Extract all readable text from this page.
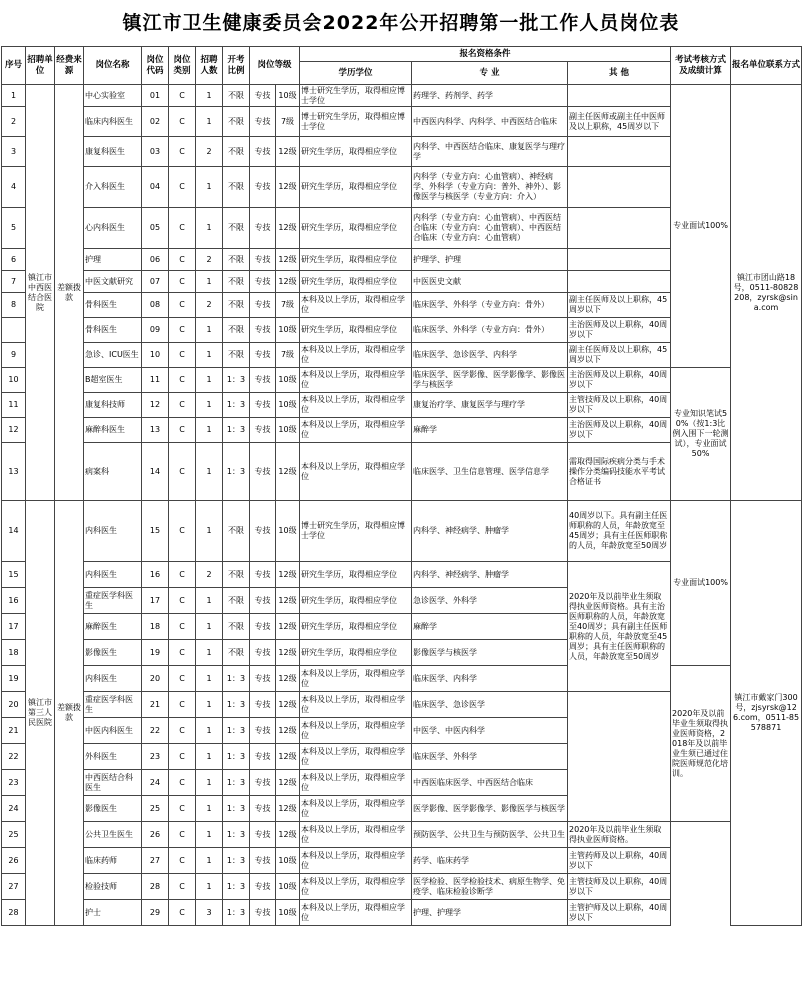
镇江市卫生健康委员会2022年公开招聘第一批工作人员岗位表
序号	招聘单位	经费来源	岗位名称	岗位代码	岗位类别	招聘人数	开考比例	岗位等级		报名资格条件			考试考核方式及成绩计算	报名单位联系方式	
										学历学位	专 业	其 他			
1	镇江市中西医结合医院	差额拨款	中心实验室	01	C	1	不限	专技	10级	博士研究生学历，取得相应博士学位	药理学、药剂学、药学		专业面试100%	镇江市团山路18号，0511-80828208，zyrsk@sina.com	
2			临床内科医生	02	C	1	不限	专技	7级	博士研究生学历，取得相应博士学位	中西医内科学、内科学、中西医结合临床	副主任医师或副主任中医师及以上职称，45周岁以下			
3			康复科医生	03	C	2	不限	专技	12级	研究生学历，取得相应学位	内科学、中西医结合临床、康复医学与理疗学				
4			介入科医生	04	C	1	不限	专技	12级	研究生学历，取得相应学位	内科学（专业方向：心血管病）、神经病学、外科学（专业方向：普外、神外）、影像医学与核医学（专业方向：介入）				
5			心内科医生	05	C	1	不限	专技	12级	研究生学历，取得相应学位	内科学（专业方向：心血管病）、中西医结合临床（专业方向：心血管病）、中西医结合临床（专业方向：心血管病）				
6			护理	06	C	2	不限	专技	12级	研究生学历，取得相应学位	护理学、护理				
7			中医文献研究	07	C	1	不限	专技	12级	研究生学历，取得相应学位	中医医史文献				
8			骨科医生	08	C	2	不限	专技	7级	本科及以上学历，取得相应学位	临床医学、外科学（专业方向：骨外）	副主任医师及以上职称，45周岁以下			
			骨科医生	09	C	1	不限	专技	10级	研究生学历，取得相应学位	临床医学、外科学（专业方向：骨外）	主治医师及以上职称，40周岁以下			
9			急诊、ICU医生	10	C	1	不限	专技	7级	本科及以上学历，取得相应学位	临床医学、急诊医学、内科学	副主任医师及以上职称，45周岁以下			
10			B超室医生	11	C	1	1：3	专技	10级	本科及以上学历，取得相应学位	临床医学、医学影像、医学影像学、影像医学与核医学	主治医师及以上职称，40周岁以下	专业知识笔试50%（按1:3比例入围下一轮测试），专业面试50%		
11			康复科技师	12	C	1	1：3	专技	10级	本科及以上学历，取得相应学位	康复治疗学、康复医学与理疗学	主管技师及以上职称，40周岁以下			
12			麻醉科医生	13	C	1	1：3	专技	10级	本科及以上学历，取得相应学位	麻醉学	主治医师及以上职称，40周岁以下			
13			病案科	14	C	1	1：3	专技	12级	本科及以上学历，取得相应学位	临床医学、卫生信息管理、医学信息学	需取得国际疾病分类与手术操作分类编码技能水平考试合格证书			
14	镇江市第三人民医院	差额拨款	内科医生	15	C	1	不限	专技	10级	博士研究生学历，取得相应博士学位	内科学、神经病学、肿瘤学	40周岁以下。具有副主任医师职称的人员，年龄放宽至45周岁；具有主任医师职称的人员，年龄放宽至50周岁	专业面试100%	镇江市戴家门300号，zjsyrsk@126.com，0511-85578871	
15			内科医生	16	C	2	不限	专技	12级	研究生学历，取得相应学位	内科学、神经病学、肿瘤学	2020年及以前毕业生须取得执业医师资格。具有主治医师职称的人员，年龄放宽至40周岁；具有副主任医师职称的人员，年龄放宽至45周岁；具有主任医师职称的人员，年龄放宽至50周岁			
16			重症医学科医生	17	C	1	不限	专技	12级	研究生学历，取得相应学位	急诊医学、外科学				
17			麻醉医生	18	C	1	不限	专技	12级	研究生学历，取得相应学位	麻醉学				
18			影像医生	19	C	1	不限	专技	12级	研究生学历，取得相应学位	影像医学与核医学				
19			内科医生	20	C	1	1：3	专技	12级	本科及以上学历，取得相应学位	临床医学、内科学		2020年及以前毕业生须取得执业医师资格，2018年及以前毕业生须已通过住院医师规范化培训。	
20			重症医学科医生	21	C	1	1：3	专技	12级	本科及以上学历，取得相应学位	临床医学、急诊医学				
21			中医内科医生	22	C	1	1：3	专技	12级	本科及以上学历，取得相应学位	中医学、中医内科学				
22			外科医生	23	C	1	1：3	专技	12级	本科及以上学历，取得相应学位	临床医学、外科学				
23			中西医结合科医生	24	C	1	1：3	专技	12级	本科及以上学历，取得相应学位	中西医临床医学、中西医结合临床				
24			影像医生	25	C	1	1：3	专技	12级	本科及以上学历，取得相应学位	医学影像、医学影像学、影像医学与核医学				
25			公共卫生医生	26	C	1	1：3	专技	12级	本科及以上学历，取得相应学位	预防医学、公共卫生与预防医学、公共卫生	2020年及以前毕业生须取得执业医师资格。			
26			临床药师	27	C	1	1：3	专技	10级	本科及以上学历，取得相应学位	药学、临床药学	主管药师及以上职称，40周岁以下			
27			检验技师	28	C	1	1：3	专技	10级	本科及以上学历，取得相应学位	医学检验、医学检验技术、病原生物学、免疫学、临床检验诊断学	主管技师及以上职称，40周岁以下			
28			护士	29	C	3	1：3	专技	10级	本科及以上学历，取得相应学位	护理、护理学	主管护师及以上职称，40周岁以下			
